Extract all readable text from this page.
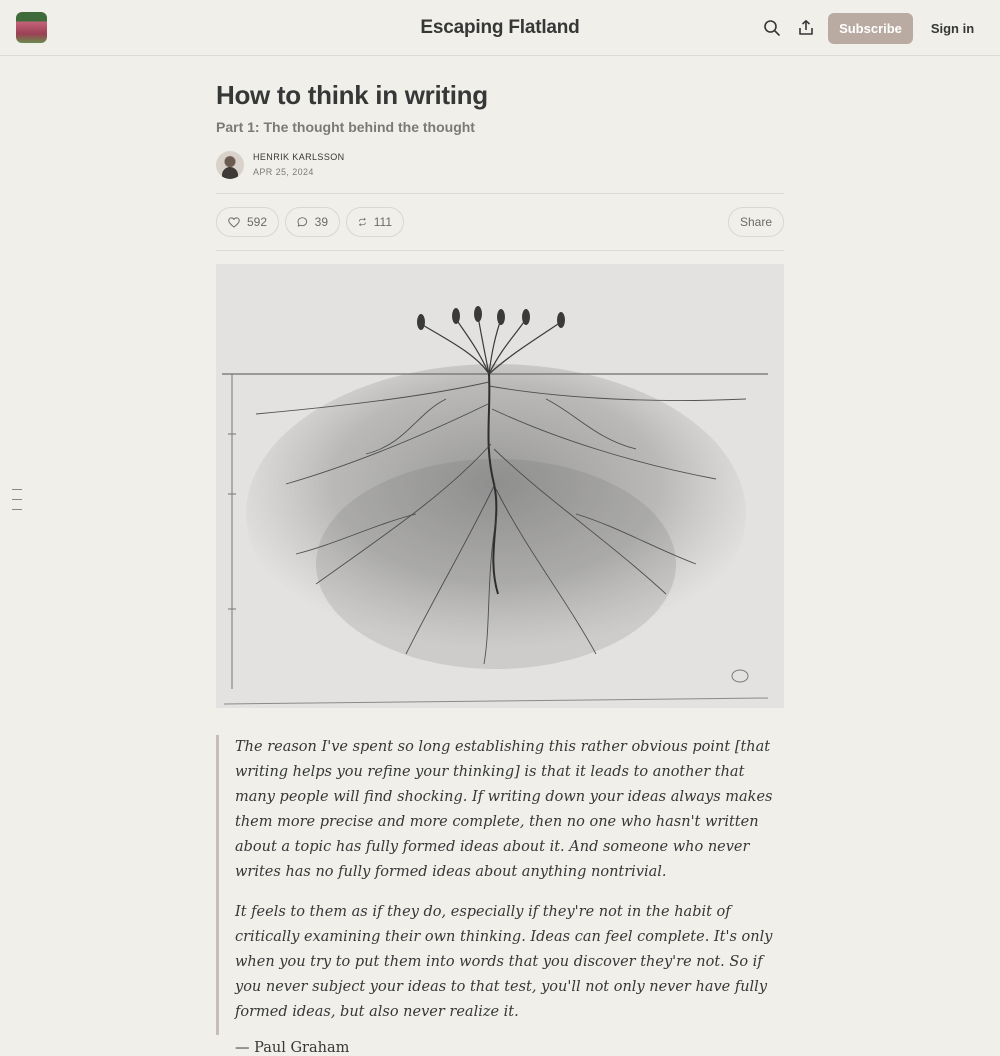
Escaping Flatland	Subscribe	Sign in
How to think in writing
Part 1: The thought behind the thought
HENRIK KARLSSON
APR 25, 2024
592	39	111	Share

The reason I've spent so long establishing this rather obvious point [that writing helps you refine your thinking] is that it leads to another that many people will find shocking. If writing down your ideas always makes them more precise and more complete, then no one who hasn't written about a topic has fully formed ideas about it. And someone who never writes has no fully formed ideas about anything nontrivial.

It feels to them as if they do, especially if they're not in the habit of critically examining their own thinking. Ideas can feel complete. It's only when you try to put them into words that you discover they're not. So if you never subject your ideas to that test, you'll not only never have fully formed ideas, but also never realize it.

— Paul Graham
